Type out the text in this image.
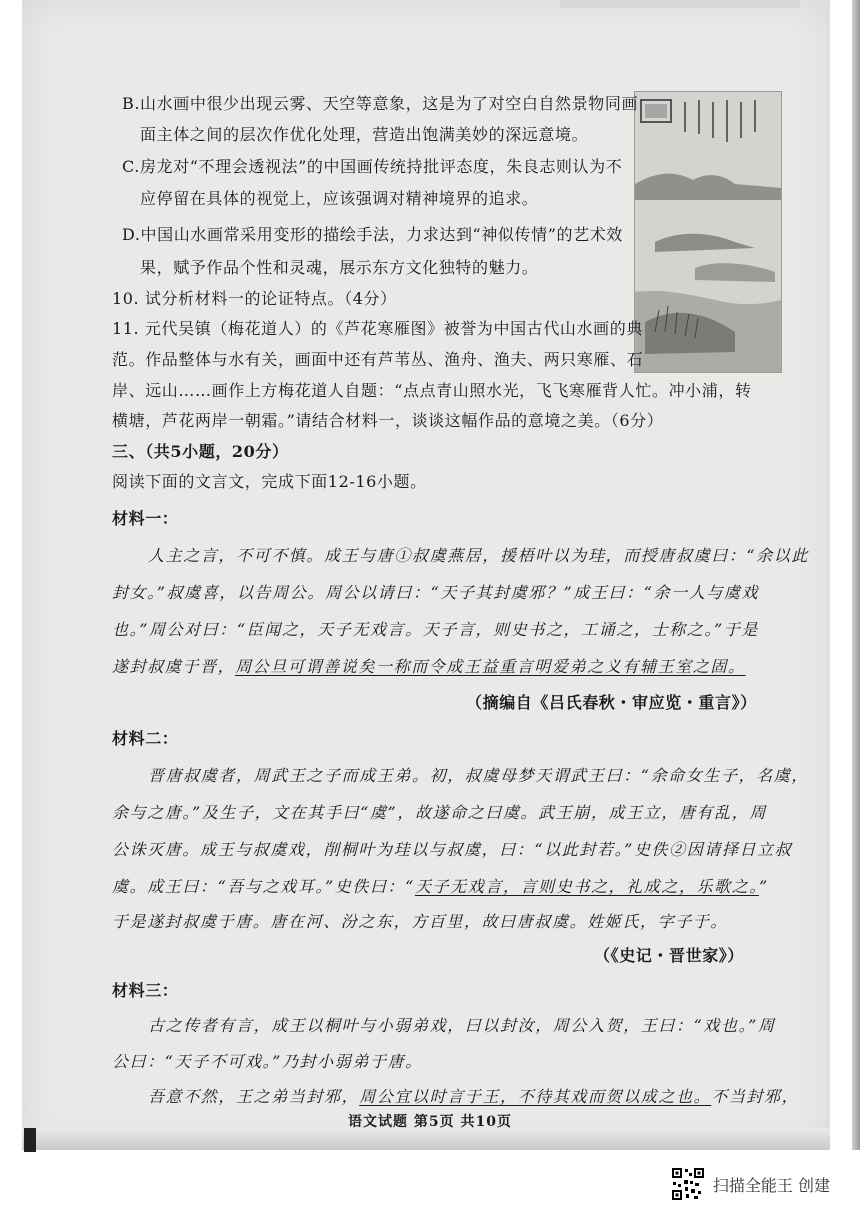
B.山水画中很少出现云雾、天空等意象，这是为了对空白自然景物同画
面主体之间的层次作优化处理，营造出饱满美妙的深远意境。
C.房龙对“不理会透视法”的中国画传统持批评态度，朱良志则认为不
应停留在具体的视觉上，应该强调对精神境界的追求。
D.中国山水画常采用变形的描绘手法，力求达到“神似传情”的艺术效
果，赋予作品个性和灵魂，展示东方文化独特的魅力。
10. 试分析材料一的论证特点。（4分）
11. 元代吴镇（梅花道人）的《芦花寒雁图》被誉为中国古代山水画的典
范。作品整体与水有关，画面中还有芦苇丛、渔舟、渔夫、两只寒雁、石
岸、远山……画作上方梅花道人自题：“点点青山照水光，飞飞寒雁背人忙。冲小浦，转
横塘，芦花两岸一朝霜。”请结合材料一，谈谈这幅作品的意境之美。（6分）
三、（共5小题，20分）
阅读下面的文言文，完成下面12-16小题。
材料一：
人主之言，不可不慎。成王与唐①叔虞燕居，援梧叶以为珪，而授唐叔虞曰：“余以此
封女。”叔虞喜，以告周公。周公以请曰：“天子其封虞邪？”成王曰：“余一人与虞戏
也。”周公对曰：“臣闻之，天子无戏言。天子言，则史书之，工诵之，士称之。”于是
遂封叔虞于晋，周公旦可谓善说矣一称而令成王益重言明爱弟之义有辅王室之固。
（摘编自《吕氏春秋・审应览・重言》）
材料二：
晋唐叔虞者，周武王之子而成王弟。初，叔虞母梦天谓武王曰：“余命女生子，名虞，
余与之唐。”及生子，文在其手曰“虞”，故遂命之曰虞。武王崩，成王立，唐有乱，周
公诛灭唐。成王与叔虞戏，削桐叶为珪以与叔虞，曰：“以此封若。”史佚②因请择日立叔
虞。成王曰：“吾与之戏耳。”史佚曰：“天子无戏言，言则史书之，礼成之，乐歌之。”
于是遂封叔虞于唐。唐在河、汾之东，方百里，故曰唐叔虞。姓姬氏，字子于。
（《史记・晋世家》）
材料三：
古之传者有言，成王以桐叶与小弱弟戏，曰以封汝，周公入贺，王曰：“戏也。”周
公曰：“天子不可戏。”乃封小弱弟于唐。
吾意不然，王之弟当封邪，周公宜以时言于王，不待其戏而贺以成之也。不当封邪，
语文试题 第5页 共10页
扫描全能王 创建
